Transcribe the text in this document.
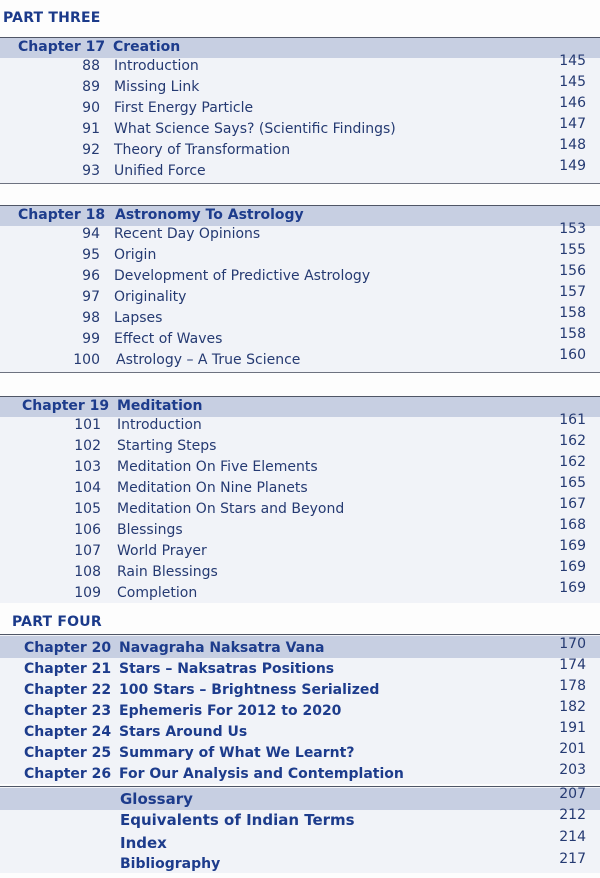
PART THREE
Chapter 17 Creation
88 Introduction	145
89 Missing Link	145
90 First Energy Particle	146
91 What Science Says? (Scientific Findings)	147
92 Theory of Transformation	148
93 Unified Force	149
Chapter 18 Astronomy To Astrology
94 Recent Day Opinions	153
95 Origin	155
96 Development of Predictive Astrology	156
97 Originality	157
98 Lapses	158
99 Effect of Waves	158
100 Astrology – A True Science	160
Chapter 19 Meditation
101 Introduction	161
102 Starting Steps	162
103 Meditation On Five Elements	162
104 Meditation On Nine Planets	165
105 Meditation On Stars and Beyond	167
106 Blessings	168
107 World Prayer	169
108 Rain Blessings	169
109 Completion	169
PART FOUR
Chapter 20 Navagraha Naksatra Vana	170
Chapter 21 Stars – Naksatras Positions	174
Chapter 22 100 Stars – Brightness Serialized	178
Chapter 23 Ephemeris For 2012 to 2020	182
Chapter 24 Stars Around Us	191
Chapter 25 Summary of What We Learnt?	201
Chapter 26 For Our Analysis and Contemplation	203
Glossary	207
Equivalents of Indian Terms	212
Index	214
Bibliography	217
